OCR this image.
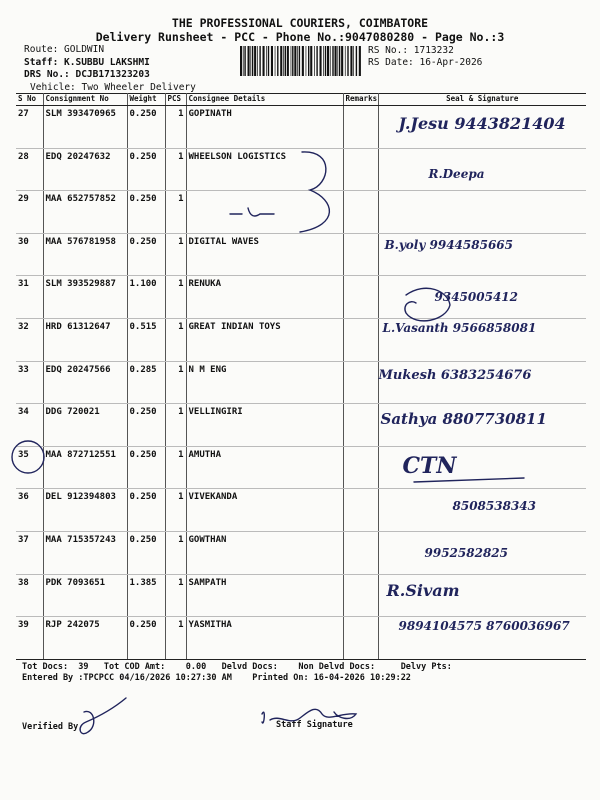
THE PROFESSIONAL COURIERS, COIMBATORE
Delivery Runsheet - PCC - Phone No.:9047080280 - Page No.:3
Route: GOLDWIN
Staff: K.SUBBU LAKSHMI
DRS No.: DCJB171323203
Vehicle: Two Wheeler Delivery
RS No.: 1713232
RS Date: 16-Apr-2026
S No	Consignment No	Weight	PCS	Consignee Details	Remarks	Seal & Signature
27	SLM 393470965	0.250	1	GOPINATH		J.Jesu 9443821404

28	EDQ 20247632	0.250	1	WHEELSON LOGISTICS		R.Deepa

29	MAA 652757852	0.250	1			

30	MAA 576781958	0.250	1	DIGITAL WAVES		B.yoly 9944585665

31	SLM 393529887	1.100	1	RENUKA		9345005412

32	HRD 61312647	0.515	1	GREAT INDIAN TOYS		L.Vasanth 9566858081

33	EDQ 20247566	0.285	1	N M ENG		Mukesh 6383254676

34	DDG 720021	0.250	1	VELLINGIRI		Sathya 8807730811

35	MAA 872712551	0.250	1	AMUTHA		CTN

36	DEL 912394803	0.250	1	VIVEKANDA		8508538343

37	MAA 715357243	0.250	1	GOWTHAN		9952582825

38	PDK 7093651	1.385	1	SAMPATH		R.Sivam

39	RJP 242075	0.250	1	YASMITHA		9894104575 8760036967
Tot Docs:  39   Tot COD Amt:    0.00   Delvd Docs:    Non Delvd Docs:     Delvy Pts:
Entered By :TPCPCC 04/16/2026 10:27:30 AM    Printed On: 16-04-2026 10:29:22
Verified By	Staff Signature
